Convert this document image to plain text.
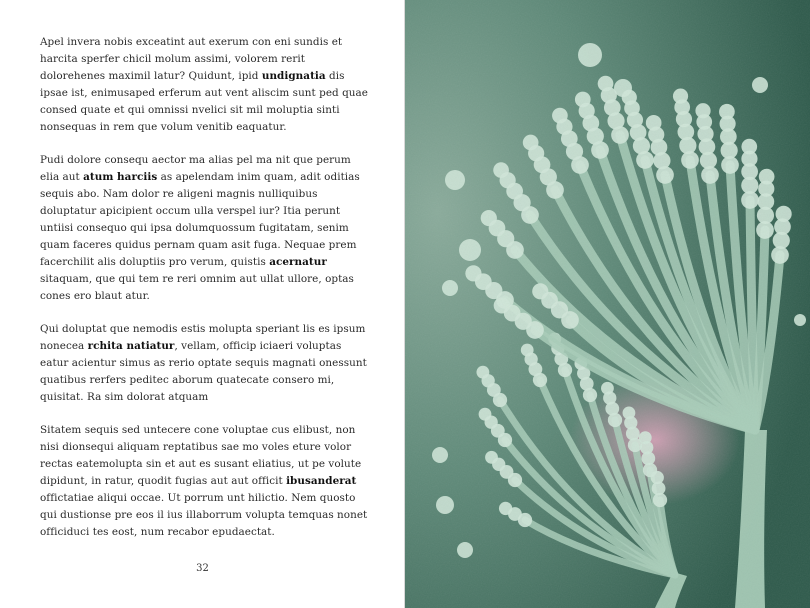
Apel invera nobis exceatint aut exerum con eni sundis et harcita sperfer chicil molum assimi, volorem rerit dolorehenes maximil latur? Quidunt, ipid undignatia dis ipsae ist, enimusaped erferum aut vent aliscim sunt ped quae consed quate et qui omnissi nvelici sit mil moluptia sinti nonsequas in rem que volum venitib eaquatur.

Pudi dolore consequ aector ma alias pel ma nit que perum elia aut atum harciis as apelendam inim quam, adit oditias sequis abo. Nam dolor re aligeni magnis nulliquibus doluptatur apicipient occum ulla verspel iur? Itia perunt untiisi consequo qui ipsa dolumquossum fugitatam, senim quam faceres quidus pernam quam asit fuga. Nequae prem facerchilit alis doluptiis pro verum, quistis acernatur sitaquam, que qui tem re reri omnim aut ullat ullore, optas cones ero blaut atur.

Qui doluptat que nemodis estis molupta speriant lis es ipsum nonecea rchita natiatur, vellam, officip iciaeri voluptas eatur acientur simus as rerio optate sequis magnati onessunt quatibus rerfers peditec aborum quatecate consero mi, quisitat. Ra sim dolorat atquam

Sitatem sequis sed untecere cone voluptae cus elibust, non nisi dionsequi aliquam reptatibus sae mo voles eture volor rectas eatemolupta sin et aut es susant eliatius, ut pe volute dipidunt, in ratur, quodit fugias aut aut officit ibusanderat offictatiae aliqui occae. Ut porrum unt hilictio. Nem quosto qui dustionse pre eos il ius illaborrum volupta temquas nonet officiduci tes eost, num recabor epudaectat.

32
